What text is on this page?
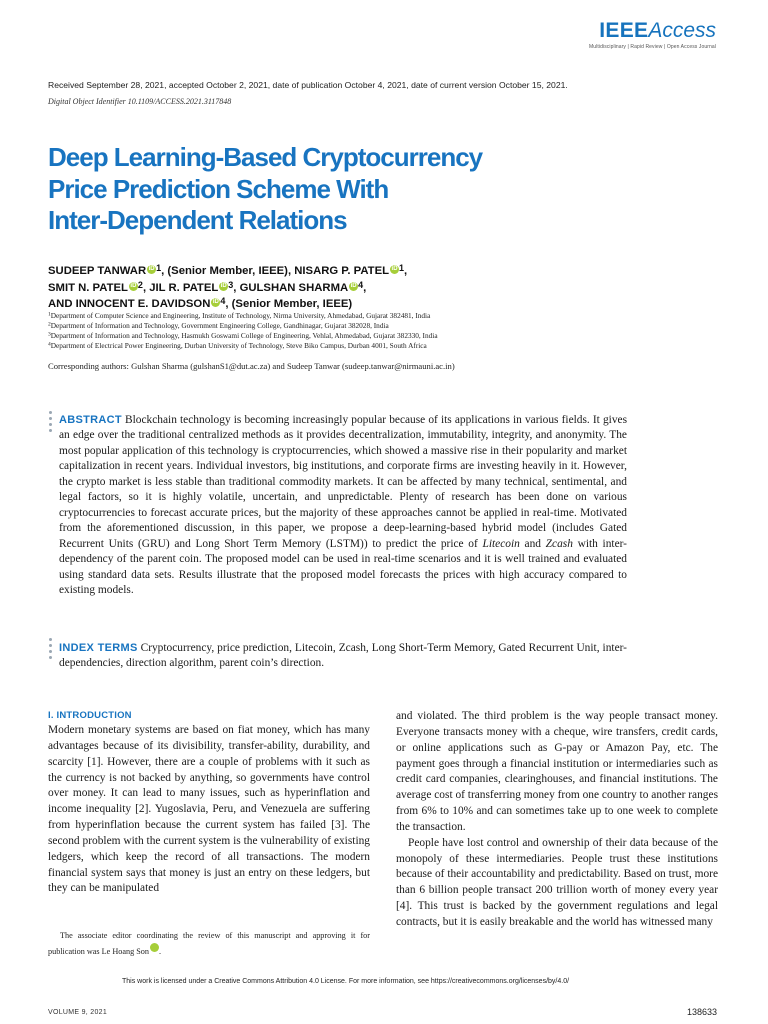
IEEEAccess
Multidisciplinary | Rapid Review | Open Access Journal
Received September 28, 2021, accepted October 2, 2021, date of publication October 4, 2021, date of current version October 15, 2021.
Digital Object Identifier 10.1109/ACCESS.2021.3117848
Deep Learning-Based Cryptocurrency
Price Prediction Scheme With
Inter-Dependent Relations
SUDEEP TANWAR iD $^1$, (Senior Member, IEEE), NISARG P. PATEL iD $^1$,
SMIT N. PATEL iD $^2$, JIL R. PATEL iD $^3$, GULSHAN SHARMA iD $^4$,
AND INNOCENT E. DAVIDSON iD $^4$, (Senior Member, IEEE)
$^1$Department of Computer Science and Engineering, Institute of Technology, Nirma University, Ahmedabad, Gujarat 382481, India
$^2$Department of Information and Technology, Government Engineering College, Gandhinagar, Gujarat 382028, India
$^3$Department of Information and Technology, Hasmukh Goswami College of Engineering, Vehlal, Ahmedabad, Gujarat 382330, India
$^4$Department of Electrical Power Engineering, Durban University of Technology, Steve Biko Campus, Durban 4001, South Africa
Corresponding authors: Gulshan Sharma (gulshanS1@dut.ac.za) and Sudeep Tanwar (sudeep.tanwar@nirmauni.ac.in)
ABSTRACT Blockchain technology is becoming increasingly popular because of its applications in various fields. It gives an edge over the traditional centralized methods as it provides decentralization, immutability, integrity, and anonymity. The most popular application of this technology is cryptocurrencies, which showed a massive rise in their popularity and market capitalization in recent years. Individual investors, big institutions, and corporate firms are investing heavily in it. However, the crypto market is less stable than traditional commodity markets. It can be affected by many technical, sentimental, and legal factors, so it is highly volatile, uncertain, and unpredictable. Plenty of research has been done on various cryptocurrencies to forecast accurate prices, but the majority of these approaches cannot be applied in real-time. Motivated from the aforementioned discussion, in this paper, we propose a deep-learning-based hybrid model (includes Gated Recurrent Units (GRU) and Long Short Term Memory (LSTM)) to predict the price of Litecoin and Zcash with inter-dependency of the parent coin. The proposed model can be used in real-time scenarios and it is well trained and evaluated using standard data sets. Results illustrate that the proposed model forecasts the prices with high accuracy compared to existing models.
INDEX TERMS Cryptocurrency, price prediction, Litecoin, Zcash, Long Short-Term Memory, Gated Recurrent Unit, inter-dependencies, direction algorithm, parent coin’s direction.
I. INTRODUCTION

Modern monetary systems are based on fiat money, which has many advantages because of its divisibility, transfer-ability, durability, and scarcity [1]. However, there are a couple of problems with it such as the currency is not backed by anything, so governments have control over money. It can lead to many issues, such as hyperinflation and income inequality [2]. Yugoslavia, Peru, and Venezuela are suffering from hyperinflation because the current system has failed [3]. The second problem with the current system is the vulnerability of existing ledgers, which keep the record of all transactions. The modern financial system says that money is just an entry on these ledgers, but they can be manipulated

The associate editor coordinating the review of this manuscript and approving it for publication was Le Hoang Son iD.

and violated. The third problem is the way people transact money. Everyone transacts money with a cheque, wire transfers, credit cards, or online applications such as G-pay or Amazon Pay, etc. The payment goes through a financial institution or intermediaries such as credit card companies, clearinghouses, and financial institutions. The average cost of transferring money from one country to another ranges from 6% to 10% and can sometimes take up to one week to complete the transaction.

People have lost control and ownership of their data because of the monopoly of these intermediaries. People trust these institutions because of their accountability and predictability. Based on trust, more than 6 billion people transact 200 trillion worth of money every year [4]. This trust is backed by the government regulations and legal contracts, but it is easily breakable and the world has witnessed many

This work is licensed under a Creative Commons Attribution 4.0 License. For more information, see https://creativecommons.org/licenses/by/4.0/
VOLUME 9, 2021	138633
